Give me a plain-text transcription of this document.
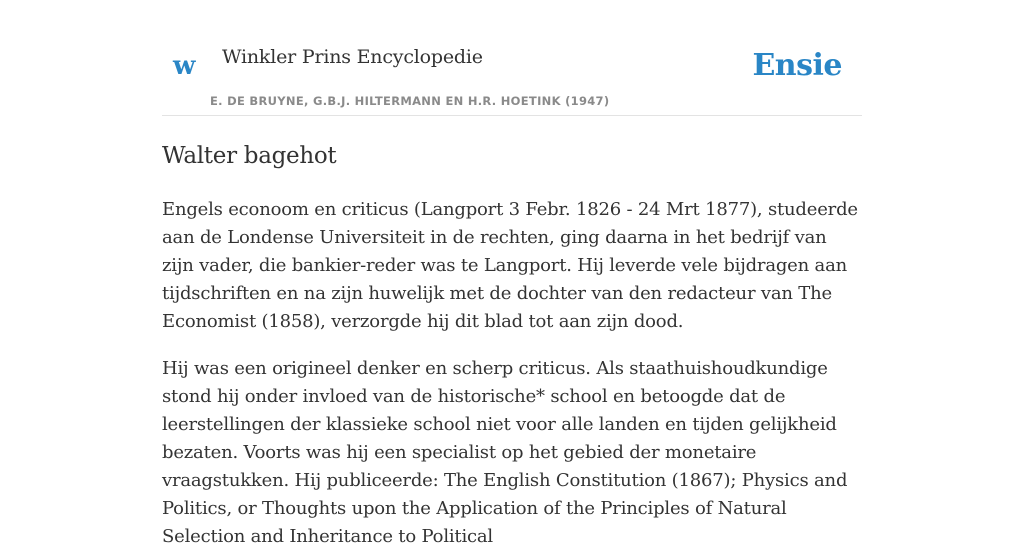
w Winkler Prins Encyclopedie
E. DE BRUYNE, G.B.J. HILTERMANN EN H.R. HOETINK (1947)
Ensie
Walter bagehot

Engels econoom en criticus (Langport 3 Febr. 1826 - 24 Mrt 1877), studeerde aan de Londense Universiteit in de rechten, ging daarna in het bedrijf van zijn vader, die bankier-reder was te Langport. Hij leverde vele bijdragen aan tijdschriften en na zijn huwelijk met de dochter van den redacteur van The Economist (1858), verzorgde hij dit blad tot aan zijn dood.

Hij was een origineel denker en scherp criticus. Als staathuishoudkundige stond hij onder invloed van de historische* school en betoogde dat de leerstellingen der klassieke school niet voor alle landen en tijden gelijkheid bezaten. Voorts was hij een specialist op het gebied der monetaire vraagstukken. Hij publiceerde: The English Constitution (1867); Physics and Politics, or Thoughts upon the Application of the Principles of Natural Selection and Inheritance to Political
